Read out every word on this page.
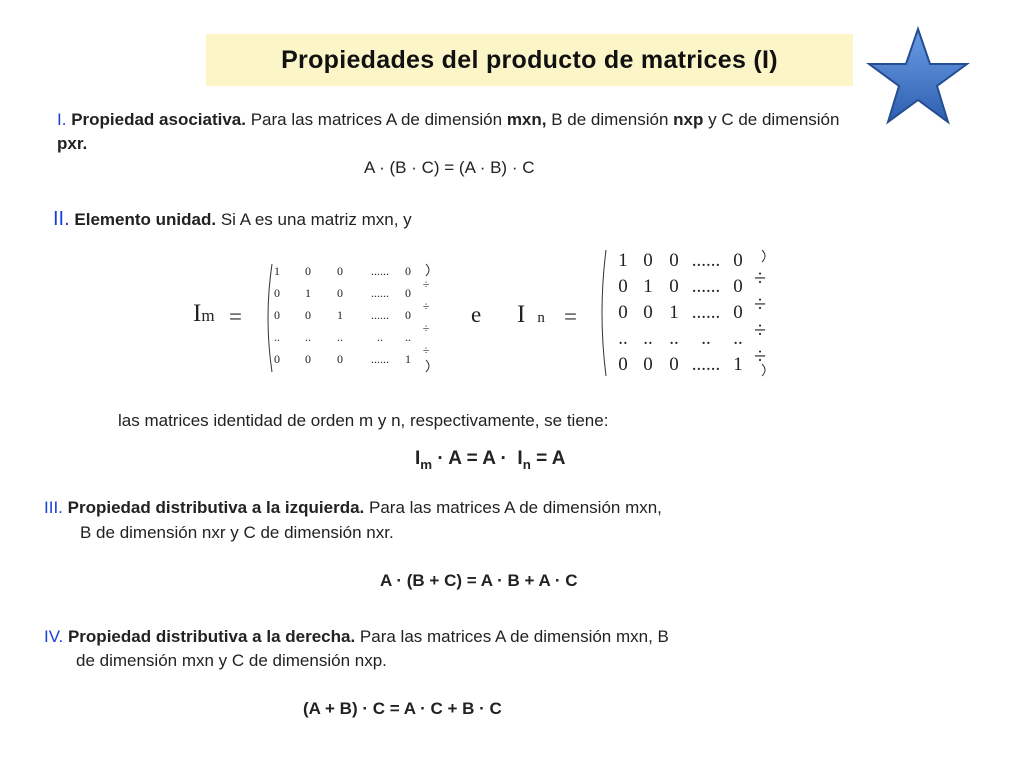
Propiedades del producto de matrices (I)
I. Propiedad asociativa. Para las matrices A de dimensión mxn, B de dimensión nxp y C de dimensión
pxr.
A · (B · C) = (A · B) · C
II. Elemento unidad. Si A es una matriz mxn, y
Im =
1	0	0	......	0
0	1	0	......	0
÷
0	0	1	......	0
÷
..	..	..	..	..
÷
0	0	0	......	1
÷
e In =
1 0 0 ...... 0
0 1 0 ...... 0 ÷
0 0 1 ...... 0 ÷
.. .. ..	..	.. ÷
0 0 0 ...... 1 ÷
las matrices identidad de orden m y n, respectivamente, se tiene:
$I_m \cdot A = A \cdot I_n = A$
III. Propiedad distributiva a la izquierda. Para las matrices A de dimensión mxn,
B de dimensión nxr y C de dimensión nxr.
A · (B + C) = A · B + A · C
IV. Propiedad distributiva a la derecha. Para las matrices A de dimensión mxn, B
de dimensión mxn y C de dimensión nxp.
(A + B) · C = A · C + B · C
